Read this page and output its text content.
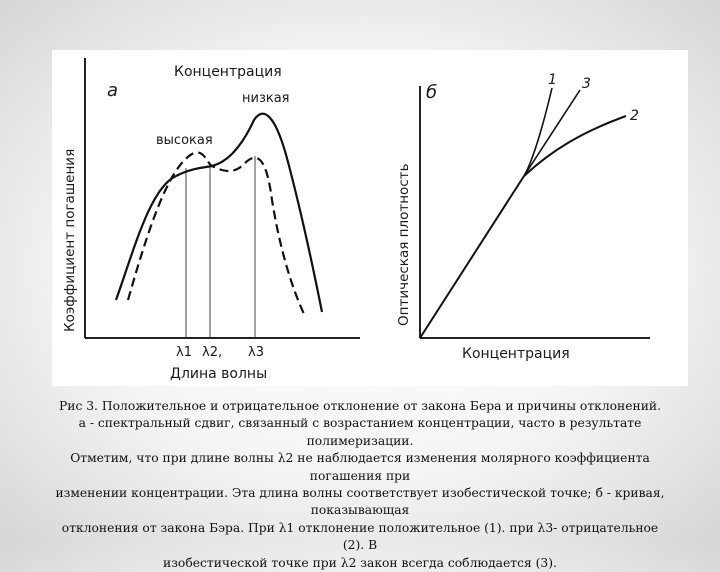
а
Концентрация
низкая
высокая
Коэффициент погашения
λ1 λ2, λ3
Длина волны
б
Оптическая плотность
Концентрация
1 3
2
Рис 3. Положительное и отрицательное отклонение от закона Бера и причины отклонений.
а - спектральный сдвиг, связанный с возрастанием концентрации, часто в результате полимеризации.
Отметим, что при длине волны λ2 не наблюдается изменения молярного коэффициента погашения при
изменении концентрации. Эта длина волны соответствует изобестической точке; б - кривая, показывающая
отклонения от закона Бэра. При λ1 отклонение положительное (1). при λ3- отрицательное (2). В
изобестической точке при λ2 закон всегда соблюдается (3).
